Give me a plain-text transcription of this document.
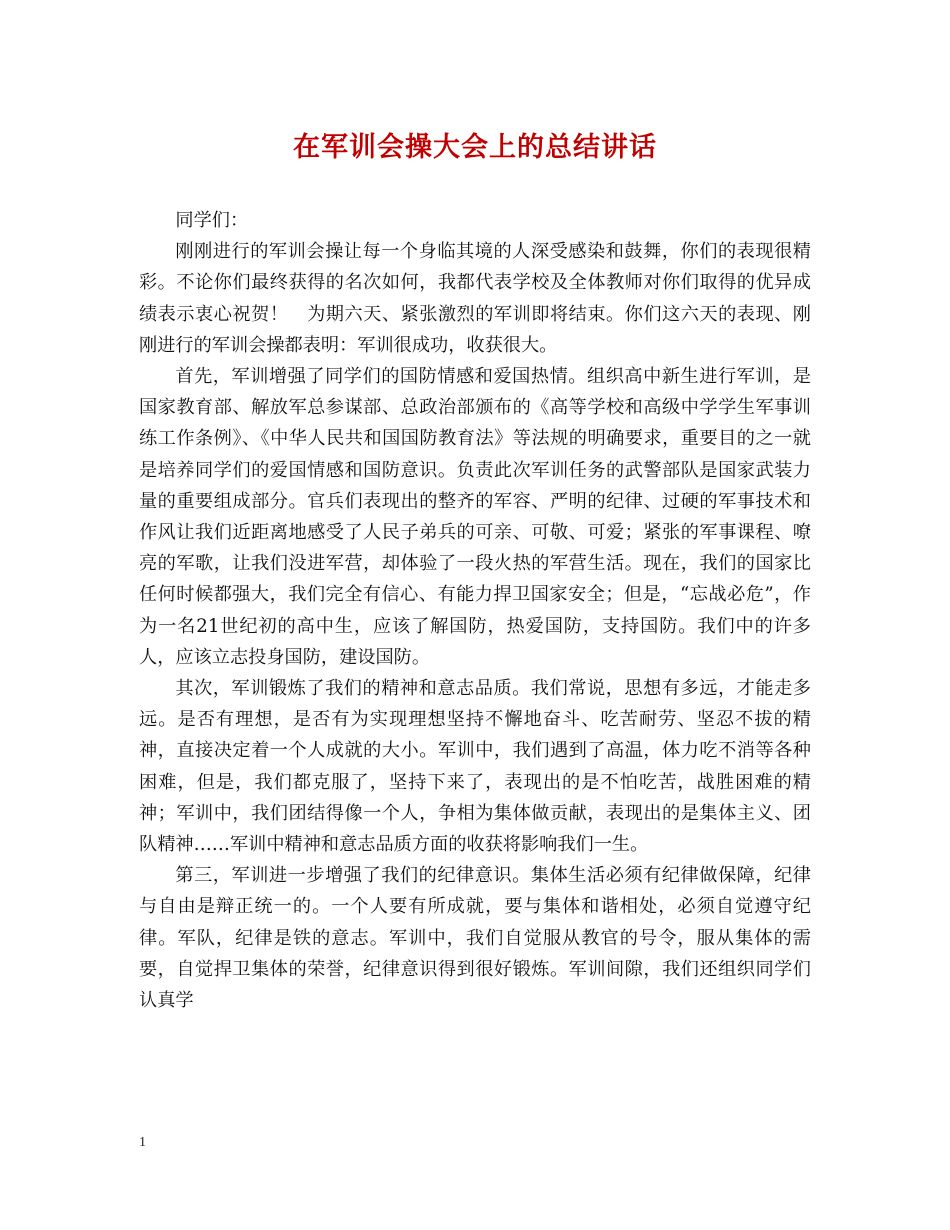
在军训会操大会上的总结讲话

同学们：

刚刚进行的军训会操让每一个身临其境的人深受感染和鼓舞，你们的表现很精彩。不论你们最终获得的名次如何，我都代表学校及全体教师对你们取得的优异成绩表示衷心祝贺！　为期六天、紧张激烈的军训即将结束。你们这六天的表现、刚刚进行的军训会操都表明：军训很成功，收获很大。

首先，军训增强了同学们的国防情感和爱国热情。组织高中新生进行军训，是国家教育部、解放军总参谋部、总政治部颁布的《高等学校和高级中学学生军事训练工作条例》、《中华人民共和国国防教育法》等法规的明确要求，重要目的之一就是培养同学们的爱国情感和国防意识。负责此次军训任务的武警部队是国家武装力量的重要组成部分。官兵们表现出的整齐的军容、严明的纪律、过硬的军事技术和作风让我们近距离地感受了人民子弟兵的可亲、可敬、可爱；紧张的军事课程、嘹亮的军歌，让我们没进军营，却体验了一段火热的军营生活。现在，我们的国家比任何时候都强大，我们完全有信心、有能力捍卫国家安全；但是，“忘战必危”，作为一名21世纪初的高中生，应该了解国防，热爱国防，支持国防。我们中的许多人，应该立志投身国防，建设国防。

其次，军训锻炼了我们的精神和意志品质。我们常说，思想有多远，才能走多远。是否有理想，是否有为实现理想坚持不懈地奋斗、吃苦耐劳、坚忍不拔的精神，直接决定着一个人成就的大小。军训中，我们遇到了高温，体力吃不消等各种困难，但是，我们都克服了，坚持下来了，表现出的是不怕吃苦，战胜困难的精神；军训中，我们团结得像一个人，争相为集体做贡献，表现出的是集体主义、团队精神……军训中精神和意志品质方面的收获将影响我们一生。

第三，军训进一步增强了我们的纪律意识。集体生活必须有纪律做保障，纪律与自由是辩正统一的。一个人要有所成就，要与集体和谐相处，必须自觉遵守纪律。军队，纪律是铁的意志。军训中，我们自觉服从教官的号令，服从集体的需要，自觉捍卫集体的荣誉，纪律意识得到很好锻炼。军训间隙，我们还组织同学们认真学

1
